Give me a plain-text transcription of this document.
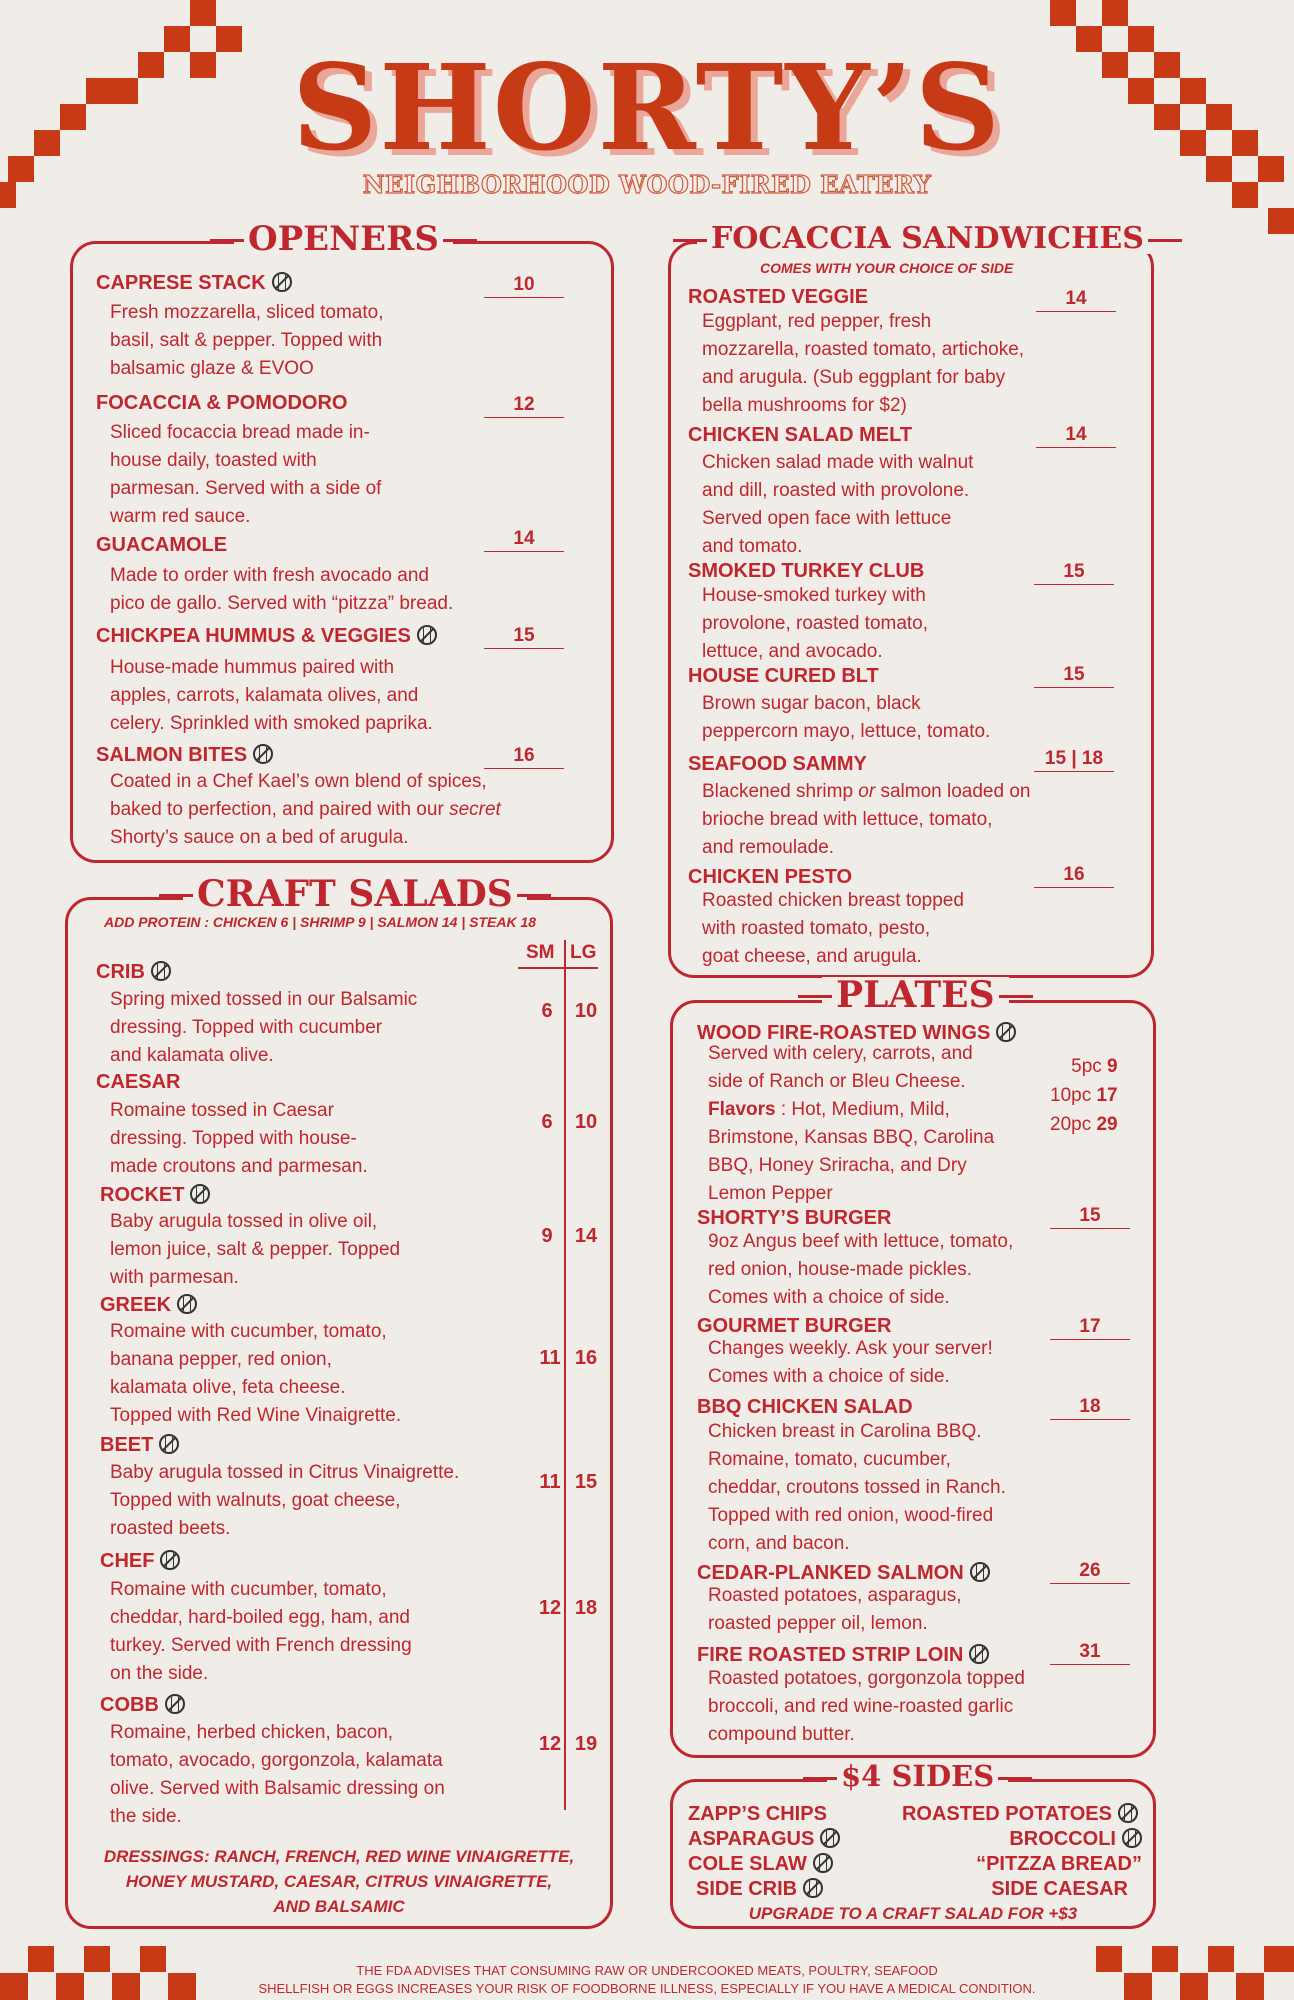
SHORTY’S
NEIGHBORHOOD WOOD-FIRED EATERY
OPENERS
CAPRESE STACK	10
Fresh mozzarella, sliced tomato,
basil, salt & pepper. Topped with
balsamic glaze & EVOO
FOCACCIA & POMODORO	12
Sliced focaccia bread made in-
house daily, toasted with
parmesan. Served with a side of
warm red sauce.
GUACAMOLE	14
Made to order with fresh avocado and
pico de gallo. Served with “pitzza” bread.
CHICKPEA HUMMUS & VEGGIES	15
House-made hummus paired with
apples, carrots, kalamata olives, and
celery. Sprinkled with smoked paprika.
SALMON BITES	16
Coated in a Chef Kael’s own blend of spices,
baked to perfection, and paired with our secret
Shorty’s sauce on a bed of arugula.
CRAFT SALADS
ADD PROTEIN : CHICKEN 6 | SHRIMP 9 | SALMON 14 | STEAK 18
SM LG
CRIB
Spring mixed tossed in our Balsamic
dressing. Topped with cucumber
and kalamata olive.
6	10
CAESAR
Romaine tossed in Caesar
dressing. Topped with house-
made croutons and parmesan.
6	10
ROCKET
Baby arugula tossed in olive oil,
lemon juice, salt & pepper. Topped
with parmesan.
9	14
GREEK
Romaine with cucumber, tomato,
banana pepper, red onion,
kalamata olive, feta cheese.
Topped with Red Wine Vinaigrette.
11 16
BEET
Baby arugula tossed in Citrus Vinaigrette.
Topped with walnuts, goat cheese,
roasted beets.
11 15
CHEF
Romaine with cucumber, tomato,
cheddar, hard-boiled egg, ham, and
turkey. Served with French dressing
on the side.
12 18
COBB
Romaine, herbed chicken, bacon,
tomato, avocado, gorgonzola, kalamata
olive. Served with Balsamic dressing on
the side.
12 19
DRESSINGS: RANCH, FRENCH, RED WINE VINAIGRETTE,
HONEY MUSTARD, CAESAR, CITRUS VINAIGRETTE,
AND BALSAMIC
FOCACCIA SANDWICHES
COMES WITH YOUR CHOICE OF SIDE
ROASTED VEGGIE	14
Eggplant, red pepper, fresh
mozzarella, roasted tomato, artichoke,
and arugula. (Sub eggplant for baby
bella mushrooms for $2)
CHICKEN SALAD MELT	14
Chicken salad made with walnut
and dill, roasted with provolone.
Served open face with lettuce
and tomato.
SMOKED TURKEY CLUB	15
House-smoked turkey with
provolone, roasted tomato,
lettuce, and avocado.
HOUSE CURED BLT	15
Brown sugar bacon, black
peppercorn mayo, lettuce, tomato.
SEAFOOD SAMMY	15 | 18
Blackened shrimp or salmon loaded on
brioche bread with lettuce, tomato,
and remoulade.
CHICKEN PESTO	16
Roasted chicken breast topped
with roasted tomato, pesto,
goat cheese, and arugula.
PLATES
WOOD FIRE-ROASTED WINGS
Served with celery, carrots, and
side of Ranch or Bleu Cheese.
Flavors : Hot, Medium, Mild,
Brimstone, Kansas BBQ, Carolina
BBQ, Honey Sriracha, and Dry
Lemon Pepper
5pc 9
10pc 17
20pc 29
SHORTY’S BURGER	15
9oz Angus beef with lettuce, tomato,
red onion, house-made pickles.
Comes with a choice of side.
GOURMET BURGER	17
Changes weekly. Ask your server!
Comes with a choice of side.
BBQ CHICKEN SALAD	18
Chicken breast in Carolina BBQ.
Romaine, tomato, cucumber,
cheddar, croutons tossed in Ranch.
Topped with red onion, wood-fired
corn, and bacon.
CEDAR-PLANKED SALMON	26
Roasted potatoes, asparagus,
roasted pepper oil, lemon.
FIRE ROASTED STRIP LOIN	31
Roasted potatoes, gorgonzola topped
broccoli, and red wine-roasted garlic
compound butter.
$4 SIDES
ZAPP’S CHIPS
ASPARAGUS
COLE SLAW
SIDE CRIB
ROASTED POTATOES
BROCCOLI
“PITZZA BREAD”
SIDE CAESAR
UPGRADE TO A CRAFT SALAD FOR +$3
THE FDA ADVISES THAT CONSUMING RAW OR UNDERCOOKED MEATS, POULTRY, SEAFOOD
SHELLFISH OR EGGS INCREASES YOUR RISK OF FOODBORNE ILLNESS, ESPECIALLY IF YOU HAVE A MEDICAL CONDITION.
